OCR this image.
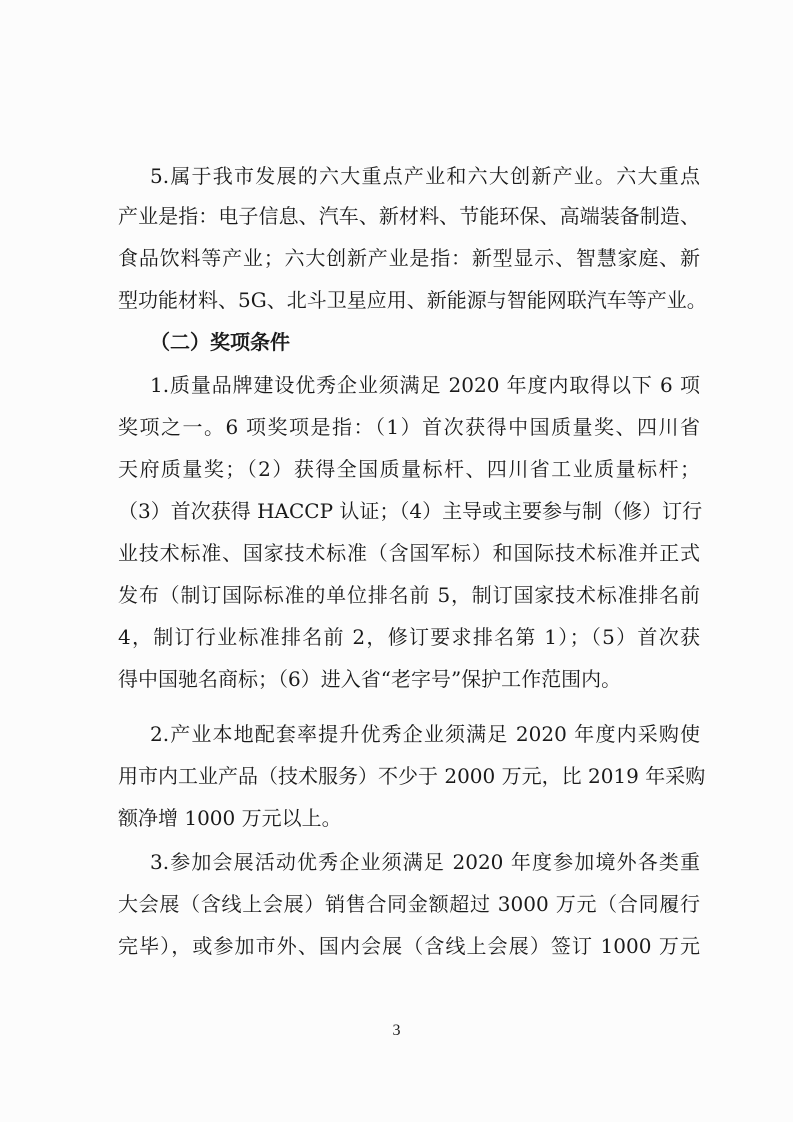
5.属于我市发展的六大重点产业和六大创新产业。六大重点
产业是指：电子信息、汽车、新材料、节能环保、高端装备制造、
食品饮料等产业；六大创新产业是指：新型显示、智慧家庭、新
型功能材料、5G、北斗卫星应用、新能源与智能网联汽车等产业。
（二）奖项条件
1.质量品牌建设优秀企业须满足 2020 年度内取得以下 6 项
奖项之一。6 项奖项是指：（1）首次获得中国质量奖、四川省
天府质量奖；（2）获得全国质量标杆、四川省工业质量标杆；
（3）首次获得 HACCP 认证；（4）主导或主要参与制（修）订行
业技术标准、国家技术标准（含国军标）和国际技术标准并正式
发布（制订国际标准的单位排名前 5，制订国家技术标准排名前
4，制订行业标准排名前 2，修订要求排名第 1）；（5）首次获
得中国驰名商标；（6）进入省“老字号”保护工作范围内。
2.产业本地配套率提升优秀企业须满足 2020 年度内采购使
用市内工业产品（技术服务）不少于 2000 万元，比 2019 年采购
额净增 1000 万元以上。
3.参加会展活动优秀企业须满足 2020 年度参加境外各类重
大会展（含线上会展）销售合同金额超过 3000 万元（合同履行
完毕），或参加市外、国内会展（含线上会展）签订 1000 万元
3
